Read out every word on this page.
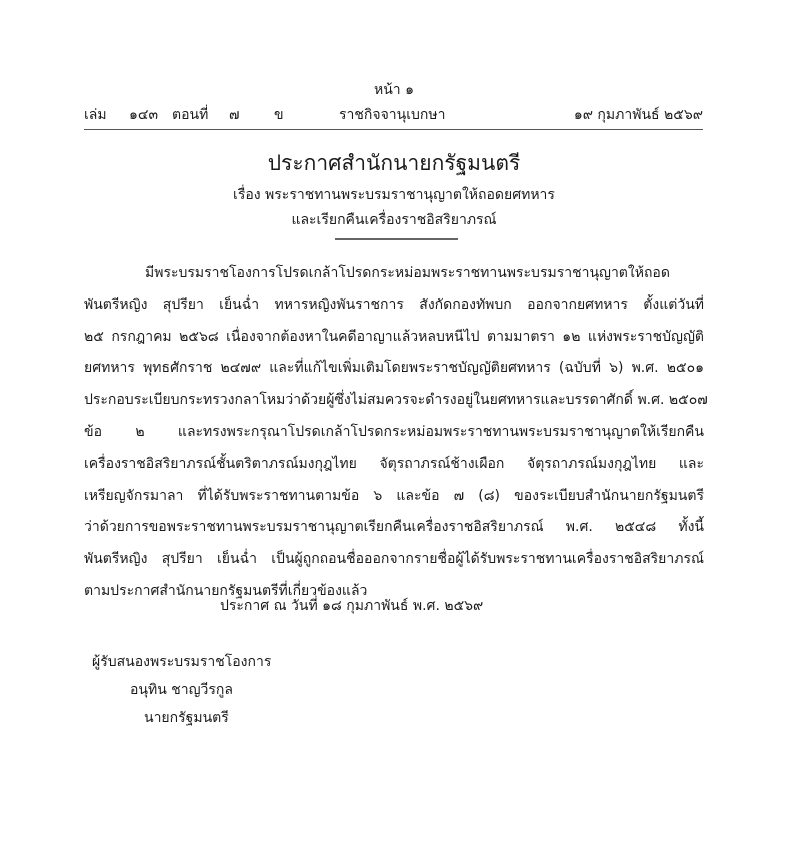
หน้า ๑
เล่ม ๑๔๓ ตอนที่ ๗ ข	ราชกิจจานุเบกษา	๑๙ กุมภาพันธ์ ๒๕๖๙
ประกาศสำนักนายกรัฐมนตรี
เรื่อง พระราชทานพระบรมราชานุญาตให้ถอดยศทหาร
และเรียกคืนเครื่องราชอิสริยาภรณ์
มีพระบรมราชโองการโปรดเกล้าโปรดกระหม่อมพระราชทานพระบรมราชานุญาตให้ถอด
พันตรีหญิง สุปรียา เย็นฉ่ำ ทหารหญิงพันราชการ สังกัดกองทัพบก ออกจากยศทหาร ตั้งแต่วันที่
๒๕ กรกฎาคม ๒๕๖๘ เนื่องจากต้องหาในคดีอาญาแล้วหลบหนีไป ตามมาตรา ๑๒ แห่งพระราชบัญญัติ
ยศทหาร พุทธศักราช ๒๔๗๙ และที่แก้ไขเพิ่มเติมโดยพระราชบัญญัติยศทหาร (ฉบับที่ ๖) พ.ศ. ๒๕๐๑
ประกอบระเบียบกระทรวงกลาโหมว่าด้วยผู้ซึ่งไม่สมควรจะดำรงอยู่ในยศทหารและบรรดาศักดิ์ พ.ศ. ๒๕๐๗
ข้อ ๒ และทรงพระกรุณาโปรดเกล้าโปรดกระหม่อมพระราชทานพระบรมราชานุญาตให้เรียกคืน
เครื่องราชอิสริยาภรณ์ชั้นตริตาภรณ์มงกุฎไทย จัตุรถาภรณ์ช้างเผือก จัตุรถาภรณ์มงกุฎไทย และ
เหรียญจักรมาลา ที่ได้รับพระราชทานตามข้อ ๖ และข้อ ๗ (๘) ของระเบียบสำนักนายกรัฐมนตรี
ว่าด้วยการขอพระราชทานพระบรมราชานุญาตเรียกคืนเครื่องราชอิสริยาภรณ์ พ.ศ. ๒๕๔๘ ทั้งนี้
พันตรีหญิง สุปรียา เย็นฉ่ำ เป็นผู้ถูกถอนชื่อออกจากรายชื่อผู้ได้รับพระราชทานเครื่องราชอิสริยาภรณ์
ตามประกาศสำนักนายกรัฐมนตรีที่เกี่ยวข้องแล้ว
ประกาศ ณ วันที่ ๑๘ กุมภาพันธ์ พ.ศ. ๒๕๖๙
ผู้รับสนองพระบรมราชโองการ
อนุทิน ชาญวีรกูล
นายกรัฐมนตรี
